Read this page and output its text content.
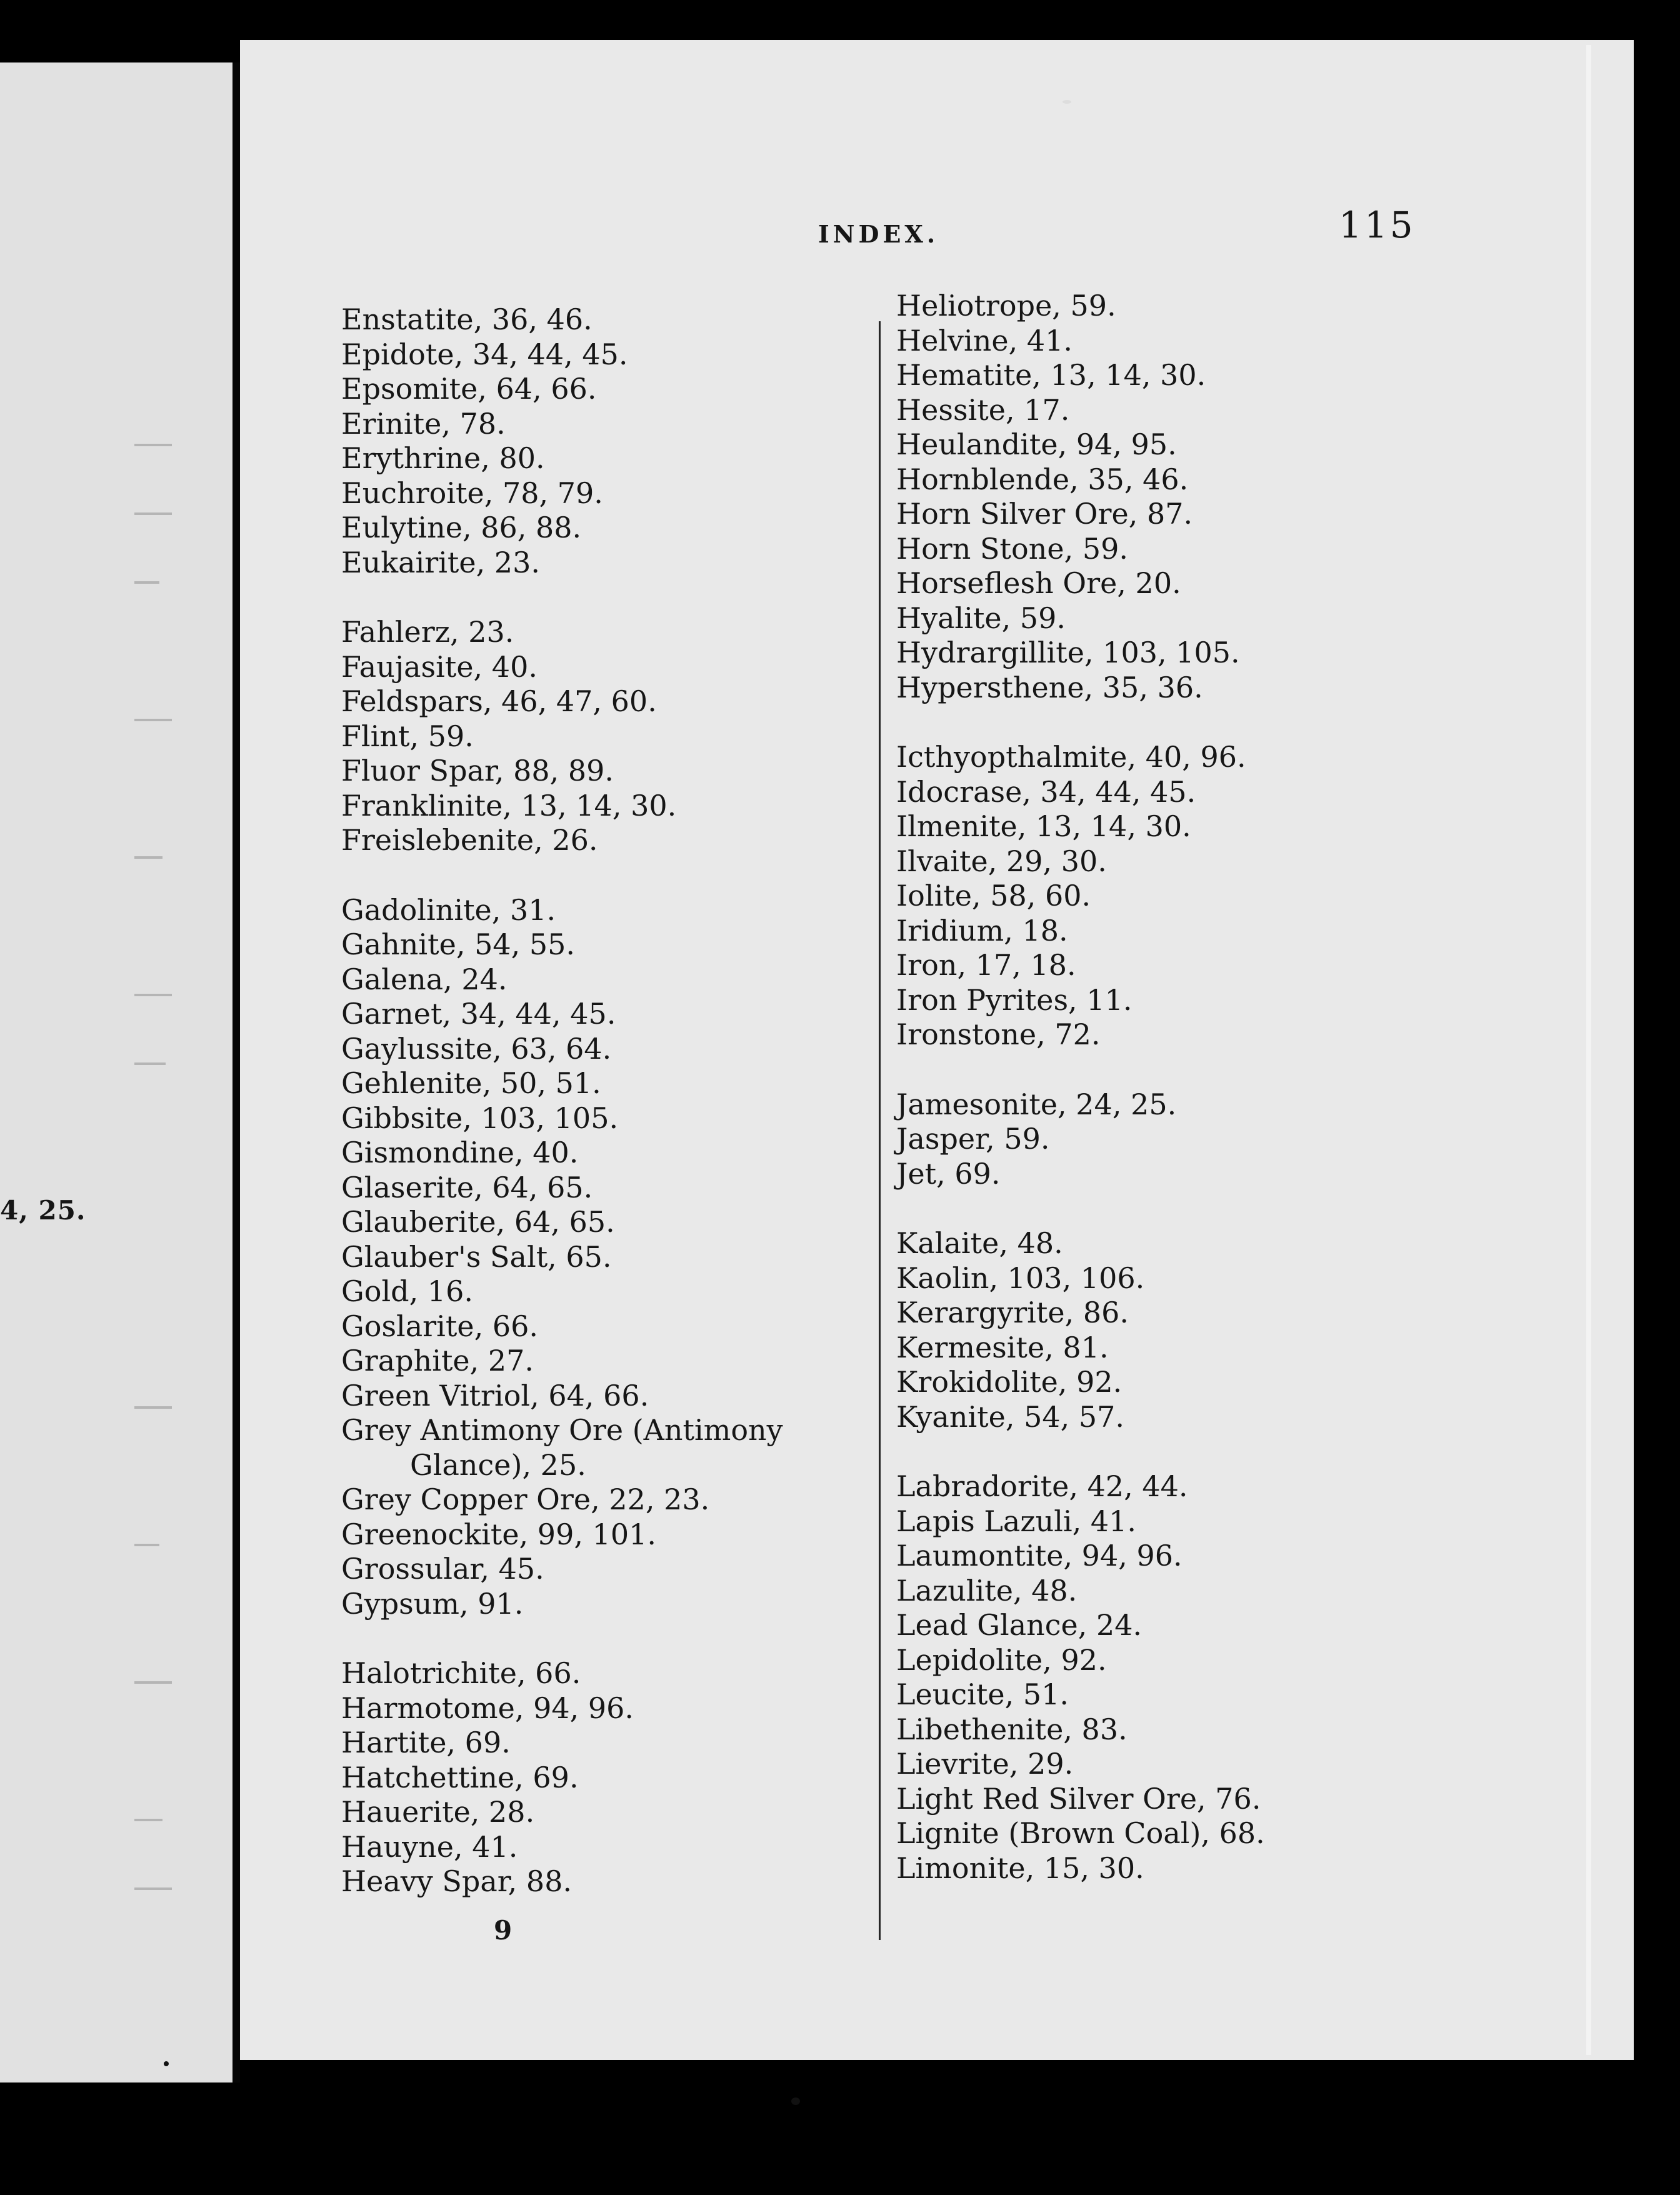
4, 25.
INDEX.	115
Enstatite, 36, 46.
Epidote, 34, 44, 45.
Epsomite, 64, 66.
Erinite, 78.
Erythrine, 80.
Euchroite, 78, 79.
Eulytine, 86, 88.
Eukairite, 23.
Fahlerz, 23.
Faujasite, 40.
Feldspars, 46, 47, 60.
Flint, 59.
Fluor Spar, 88, 89.
Franklinite, 13, 14, 30.
Freislebenite, 26.
Gadolinite, 31.
Gahnite, 54, 55.
Galena, 24.
Garnet, 34, 44, 45.
Gaylussite, 63, 64.
Gehlenite, 50, 51.
Gibbsite, 103, 105.
Gismondine, 40.
Glaserite, 64, 65.
Glauberite, 64, 65.
Glauber's Salt, 65.
Gold, 16.
Goslarite, 66.
Graphite, 27.
Green Vitriol, 64, 66.
Grey Antimony Ore (Antimony
Glance), 25.
Grey Copper Ore, 22, 23.
Greenockite, 99, 101.
Grossular, 45.
Gypsum, 91.
Halotrichite, 66.
Harmotome, 94, 96.
Hartite, 69.
Hatchettine, 69.
Hauerite, 28.
Hauyne, 41.
Heavy Spar, 88.
Heliotrope, 59.
Helvine, 41.
Hematite, 13, 14, 30.
Hessite, 17.
Heulandite, 94, 95.
Hornblende, 35, 46.
Horn Silver Ore, 87.
Horn Stone, 59.
Horseflesh Ore, 20.
Hyalite, 59.
Hydrargillite, 103, 105.
Hypersthene, 35, 36.
Icthyopthalmite, 40, 96.
Idocrase, 34, 44, 45.
Ilmenite, 13, 14, 30.
Ilvaite, 29, 30.
Iolite, 58, 60.
Iridium, 18.
Iron, 17, 18.
Iron Pyrites, 11.
Ironstone, 72.
Jamesonite, 24, 25.
Jasper, 59.
Jet, 69.
Kalaite, 48.
Kaolin, 103, 106.
Kerargyrite, 86.
Kermesite, 81.
Krokidolite, 92.
Kyanite, 54, 57.
Labradorite, 42, 44.
Lapis Lazuli, 41.
Laumontite, 94, 96.
Lazulite, 48.
Lead Glance, 24.
Lepidolite, 92.
Leucite, 51.
Libethenite, 83.
Lievrite, 29.
Light Red Silver Ore, 76.
Lignite (Brown Coal), 68.
Limonite, 15, 30.
9
